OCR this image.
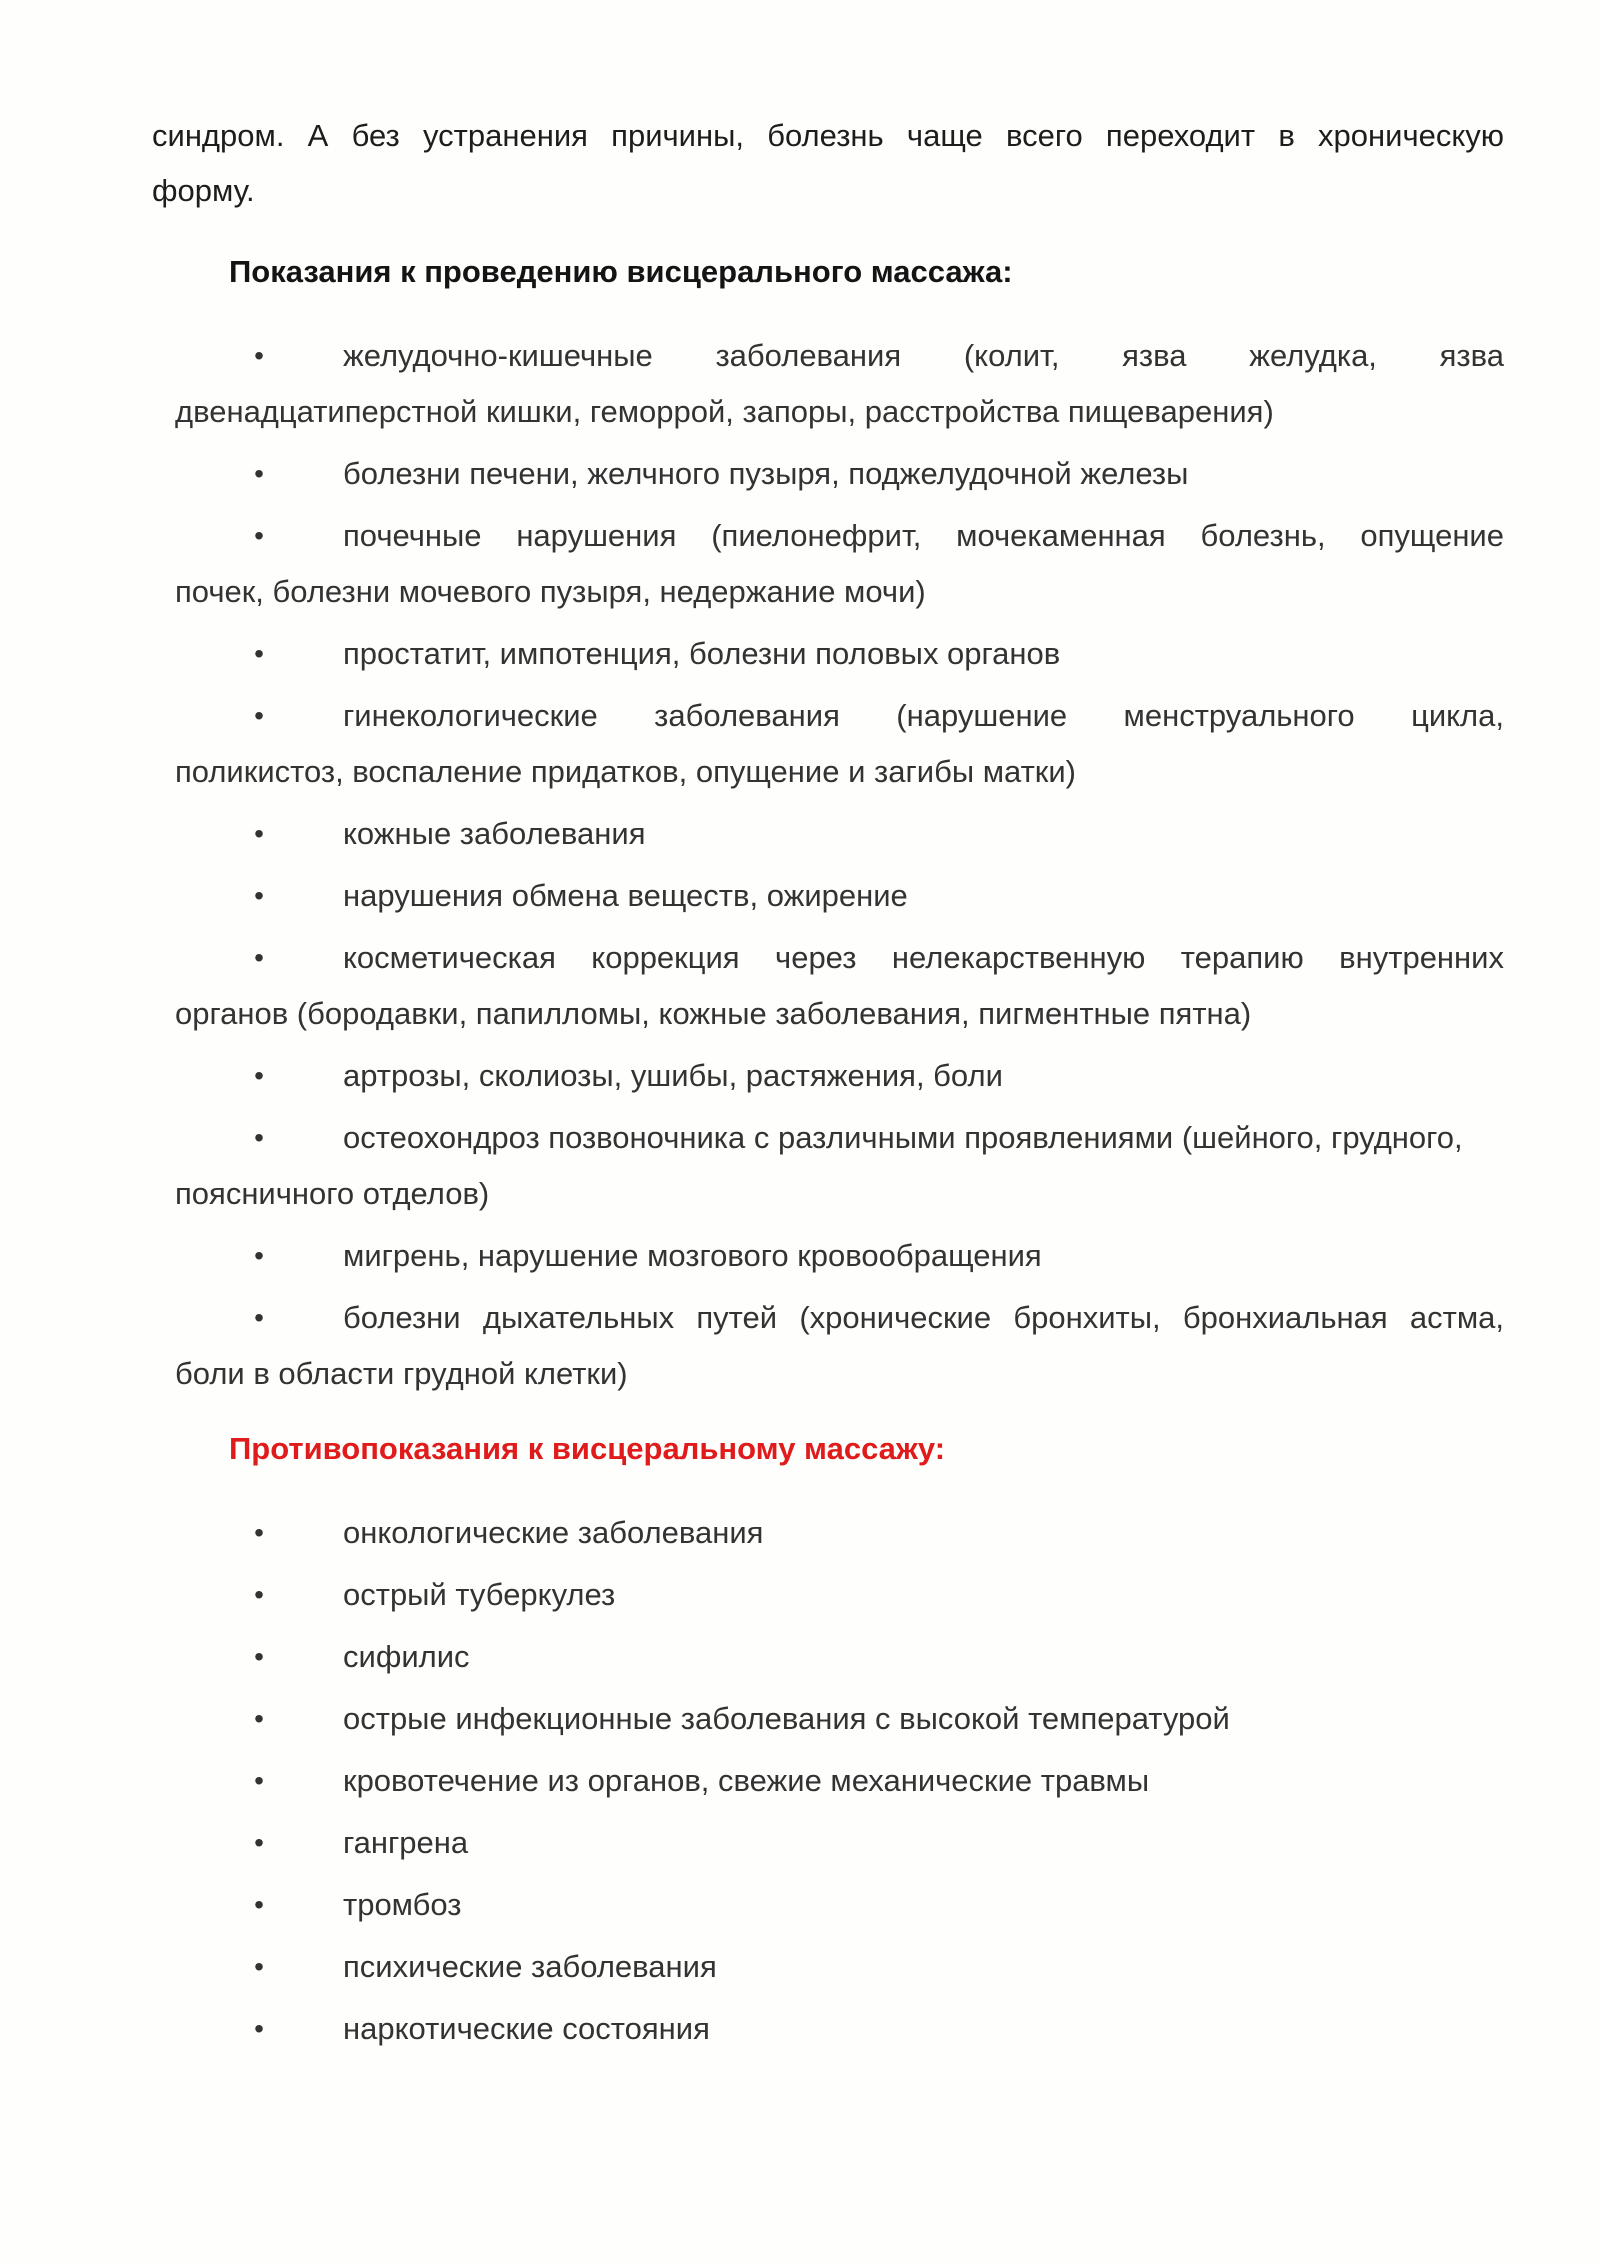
синдром. А без устранения причины, болезнь чаще всего переходит в хроническую
форму.

Показания к проведению висцерального массажа:
•	желудочно-кишечные заболевания (колит, язва желудка, язва
двенадцатиперстной кишки, геморрой, запоры, расстройства пищеварения)
•	болезни печени, желчного пузыря, поджелудочной железы
•	почечные нарушения (пиелонефрит, мочекаменная болезнь, опущение
почек, болезни мочевого пузыря, недержание мочи)
•	простатит, импотенция, болезни половых органов
•	гинекологические заболевания (нарушение менструального цикла,
поликистоз, воспаление придатков, опущение и загибы матки)
•	кожные заболевания
•	нарушения обмена веществ, ожирение
•	косметическая коррекция через нелекарственную терапию внутренних
органов (бородавки, папилломы, кожные заболевания, пигментные пятна)
•	артрозы, сколиозы, ушибы, растяжения, боли
•	остеохондроз позвоночника с различными проявлениями (шейного, грудного,
поясничного отделов)
•	мигрень, нарушение мозгового кровообращения
•	болезни дыхательных путей (хронические бронхиты, бронхиальная астма,
боли в области грудной клетки)
Противопоказания к висцеральному массажу:
•	онкологические заболевания
•	острый туберкулез
•	сифилис
•	острые инфекционные заболевания с высокой температурой
•	кровотечение из органов, свежие механические травмы
•	гангрена
•	тромбоз
•	психические заболевания
•	наркотические состояния
